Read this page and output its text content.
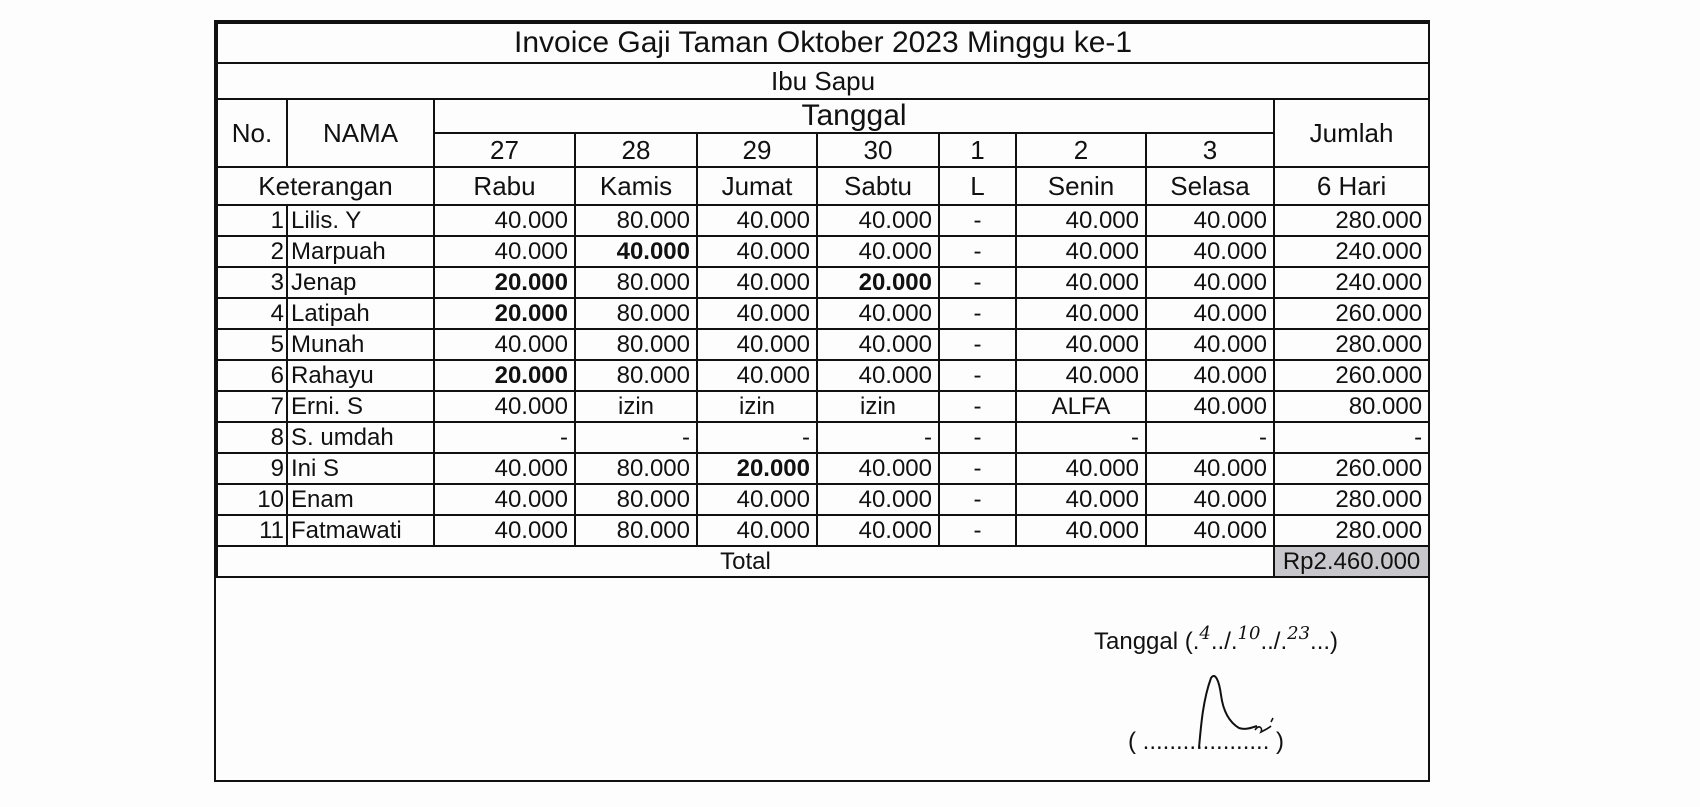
Invoice Gaji Taman Oktober 2023 Minggu ke-1									
Ibu Sapu									
No.	NAMA	Tanggal							Jumlah
		27	28	29	30	1	2	3	
Keterangan		Rabu	Kamis	Jumat	Sabtu	L	Senin	Selasa	6 Hari
1	Lilis. Y	40.000	80.000	40.000	40.000	-	40.000	40.000	280.000
2	Marpuah	40.000	40.000	40.000	40.000	-	40.000	40.000	240.000
3	Jenap	20.000	80.000	40.000	20.000	-	40.000	40.000	240.000
4	Latipah	20.000	80.000	40.000	40.000	-	40.000	40.000	260.000
5	Munah	40.000	80.000	40.000	40.000	-	40.000	40.000	280.000
6	Rahayu	20.000	80.000	40.000	40.000	-	40.000	40.000	260.000
7	Erni. S	40.000	izin	izin	izin	-	ALFA	40.000	80.000
8	S. umdah	-	-	-	-	-	-	-	-
9	Ini S	40.000	80.000	20.000	40.000	-	40.000	40.000	260.000
10	Enam	40.000	80.000	40.000	40.000	-	40.000	40.000	280.000
11	Fatmawati	40.000	80.000	40.000	40.000	-	40.000	40.000	280.000
Total									Rp2.460.000
Tanggal (.$^4$../.$^{10}$../.$^{23}$...)
( ................... )
